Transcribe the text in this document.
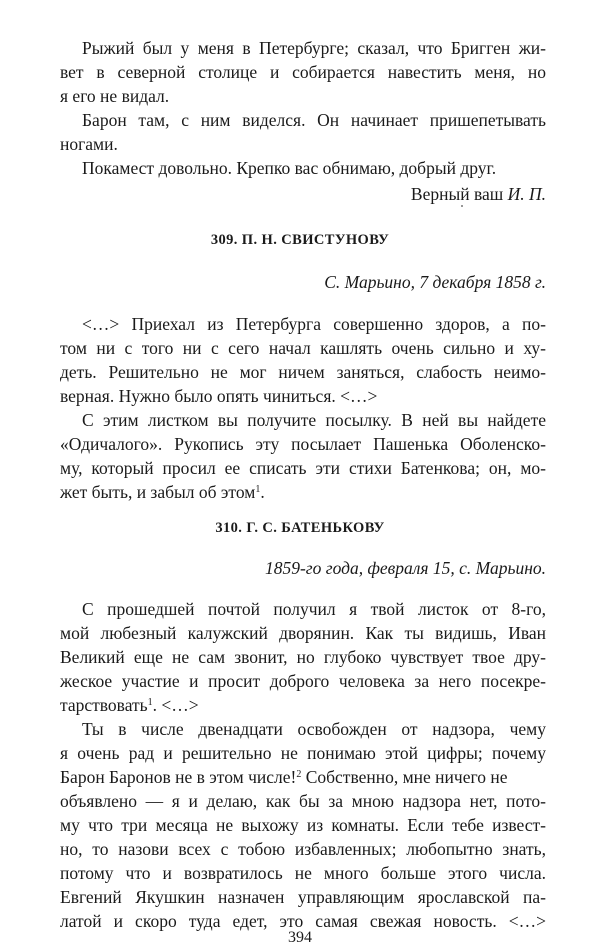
Рыжий был у меня в Петербурге; сказал, что Бригген жи-
вет в северной столице и собирается навестить меня, но
я его не видал.
Барон там, с ним виделся. Он начинает пришепетывать
ногами.
Покамест довольно. Крепко вас обнимаю, добрый друг.
Верный ваш И. П.
309. П. Н. СВИСТУНОВУ
С. Марьино, 7 декабря 1858 г.
<…> Приехал из Петербурга совершенно здоров, а по-
том ни с того ни с сего начал кашлять очень сильно и ху-
деть. Решительно не мог ничем заняться, слабость неимо-
верная. Нужно было опять чиниться. <…>
С этим листком вы получите посылку. В ней вы найдете
«Одичалого». Рукопись эту посылает Пашенька Оболенско-
му, который просил ее списать эти стихи Батенкова; он, мо-
жет быть, и забыл об этом$^1$.
310. Г. С. БАТЕНЬКОВУ
1859-го года, февраля 15, с. Марьино.
С прошедшей почтой получил я твой листок от 8-го,
мой любезный калужский дворянин. Как ты видишь, Иван
Великий еще не сам звонит, но глубоко чувствует твое дру-
жеское участие и просит доброго человека за него посекре-
тарствовать$^1$. <…>
Ты в числе двенадцати освобожден от надзора, чему
я очень рад и решительно не понимаю этой цифры; почему
Барон Баронов не в этом числе!$^2$ Собственно, мне ничего не
объявлено — я и делаю, как бы за мною надзора нет, пото-
му что три месяца не выхожу из комнаты. Если тебе извест-
но, то назови всех с тобою избавленных; любопытно знать,
потому что и возвратилось не много больше этого числа.
Евгений Якушкин назначен управляющим ярославской па-
латой и скоро туда едет, это самая свежая новость. <…>
394
